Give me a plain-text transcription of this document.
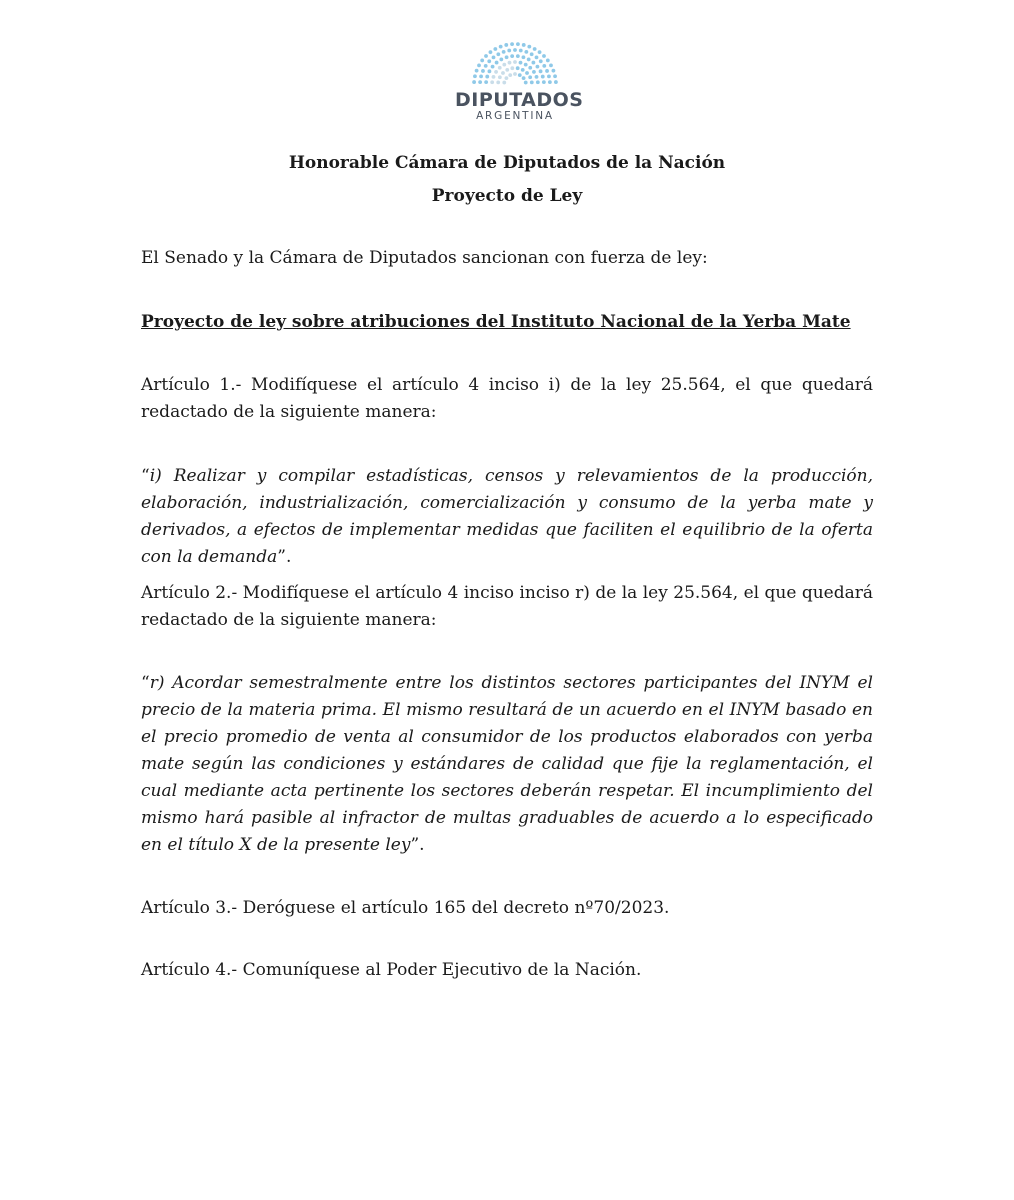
DIPUTADOS
ARGENTINA
Honorable Cámara de Diputados de la Nación
Proyecto de Ley

El Senado y la Cámara de Diputados sancionan con fuerza de ley:

Proyecto de ley sobre atribuciones del Instituto Nacional de la Yerba Mate

Artículo 1.- Modifíquese el artículo 4 inciso i) de la ley 25.564, el que quedará redactado de la siguiente manera:

“i) Realizar y compilar estadísticas, censos y relevamientos de la producción, elaboración, industrialización, comercialización y consumo de la yerba mate y derivados, a efectos de implementar medidas que faciliten el equilibrio de la oferta con la demanda”.

Artículo 2.- Modifíquese el artículo 4 inciso inciso r) de la ley 25.564, el que quedará redactado de la siguiente manera:

“r) Acordar semestralmente entre los distintos sectores participantes del INYM el precio de la materia prima. El mismo resultará de un acuerdo en el INYM basado en el precio promedio de venta al consumidor de los productos elaborados con yerba mate según las condiciones y estándares de calidad que fije la reglamentación, el cual mediante acta pertinente los sectores deberán respetar. El incumplimiento del mismo hará pasible al infractor de multas graduables de acuerdo a lo especificado en el título X de la presente ley”.

Artículo 3.- Deróguese el artículo 165 del decreto nº70/2023.

Artículo 4.- Comuníquese al Poder Ejecutivo de la Nación.
